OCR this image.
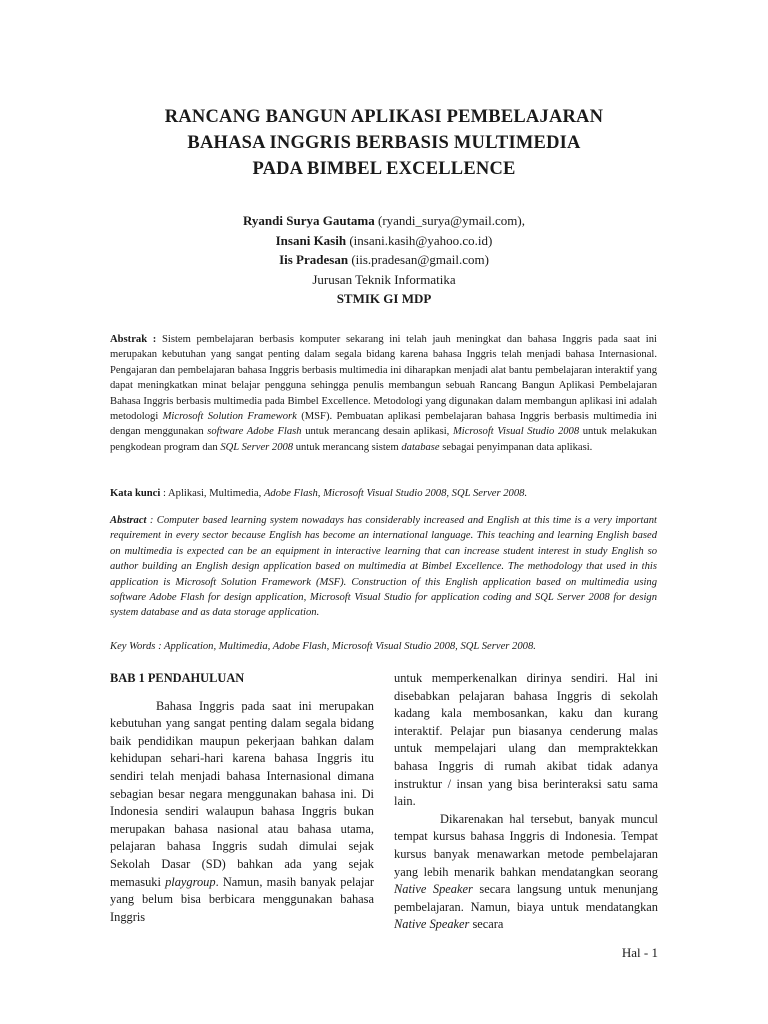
RANCANG BANGUN APLIKASI PEMBELAJARAN
BAHASA INGGRIS BERBASIS MULTIMEDIA
PADA BIMBEL EXCELLENCE
Ryandi Surya Gautama (ryandi_surya@ymail.com),
Insani Kasih (insani.kasih@yahoo.co.id)
Iis Pradesan (iis.pradesan@gmail.com)
Jurusan Teknik Informatika
STMIK GI MDP
Abstrak : Sistem pembelajaran berbasis komputer sekarang ini telah jauh meningkat dan bahasa Inggris pada saat ini merupakan kebutuhan yang sangat penting dalam segala bidang karena bahasa Inggris telah menjadi bahasa Internasional. Pengajaran dan pembelajaran bahasa Inggris berbasis multimedia ini diharapkan menjadi alat bantu pembelajaran interaktif yang dapat meningkatkan minat belajar pengguna sehingga penulis membangun sebuah Rancang Bangun Aplikasi Pembelajaran Bahasa Inggris berbasis multimedia pada Bimbel Excellence. Metodologi yang digunakan dalam membangun aplikasi ini adalah metodologi Microsoft Solution Framework (MSF). Pembuatan aplikasi pembelajaran bahasa Inggris berbasis multimedia ini dengan menggunakan software Adobe Flash untuk merancang desain aplikasi, Microsoft Visual Studio 2008 untuk melakukan pengkodean program dan SQL Server 2008 untuk merancang sistem database sebagai penyimpanan data aplikasi.
Kata kunci : Aplikasi, Multimedia, Adobe Flash, Microsoft Visual Studio 2008, SQL Server 2008.
Abstract : Computer based learning system nowadays has considerably increased and English at this time is a very important requirement in every sector because English has become an international language. This teaching and learning English based on multimedia is expected can be an equipment in interactive learning that can increase student interest in study English so author building an English design application based on multimedia at Bimbel Excellence. The methodology that used in this application is Microsoft Solution Framework (MSF). Construction of this English application based on multimedia using software Adobe Flash for design application, Microsoft Visual Studio for application coding and SQL Server 2008 for design system database and as data storage application.
Key Words : Application, Multimedia, Adobe Flash, Microsoft Visual Studio 2008, SQL Server 2008.
BAB 1 PENDAHULUAN

Bahasa Inggris pada saat ini merupakan kebutuhan yang sangat penting dalam segala bidang baik pendidikan maupun pekerjaan bahkan dalam kehidupan sehari-hari karena bahasa Inggris itu sendiri telah menjadi bahasa Internasional dimana sebagian besar negara menggunakan bahasa ini. Di Indonesia sendiri walaupun bahasa Inggris bukan merupakan bahasa nasional atau bahasa utama, pelajaran bahasa Inggris sudah dimulai sejak Sekolah Dasar (SD) bahkan ada yang sejak memasuki playgroup. Namun, masih banyak pelajar yang belum bisa berbicara menggunakan bahasa Inggris

untuk memperkenalkan dirinya sendiri. Hal ini disebabkan pelajaran bahasa Inggris di sekolah kadang kala membosankan, kaku dan kurang interaktif. Pelajar pun biasanya cenderung malas untuk mempelajari ulang dan mempraktekkan bahasa Inggris di rumah akibat tidak adanya instruktur / insan yang bisa berinteraksi satu sama lain.

Dikarenakan hal tersebut, banyak muncul tempat kursus bahasa Inggris di Indonesia. Tempat kursus banyak menawarkan metode pembelajaran yang lebih menarik bahkan mendatangkan seorang Native Speaker secara langsung untuk menunjang pembelajaran. Namun, biaya untuk mendatangkan Native Speaker secara

Hal - 1
